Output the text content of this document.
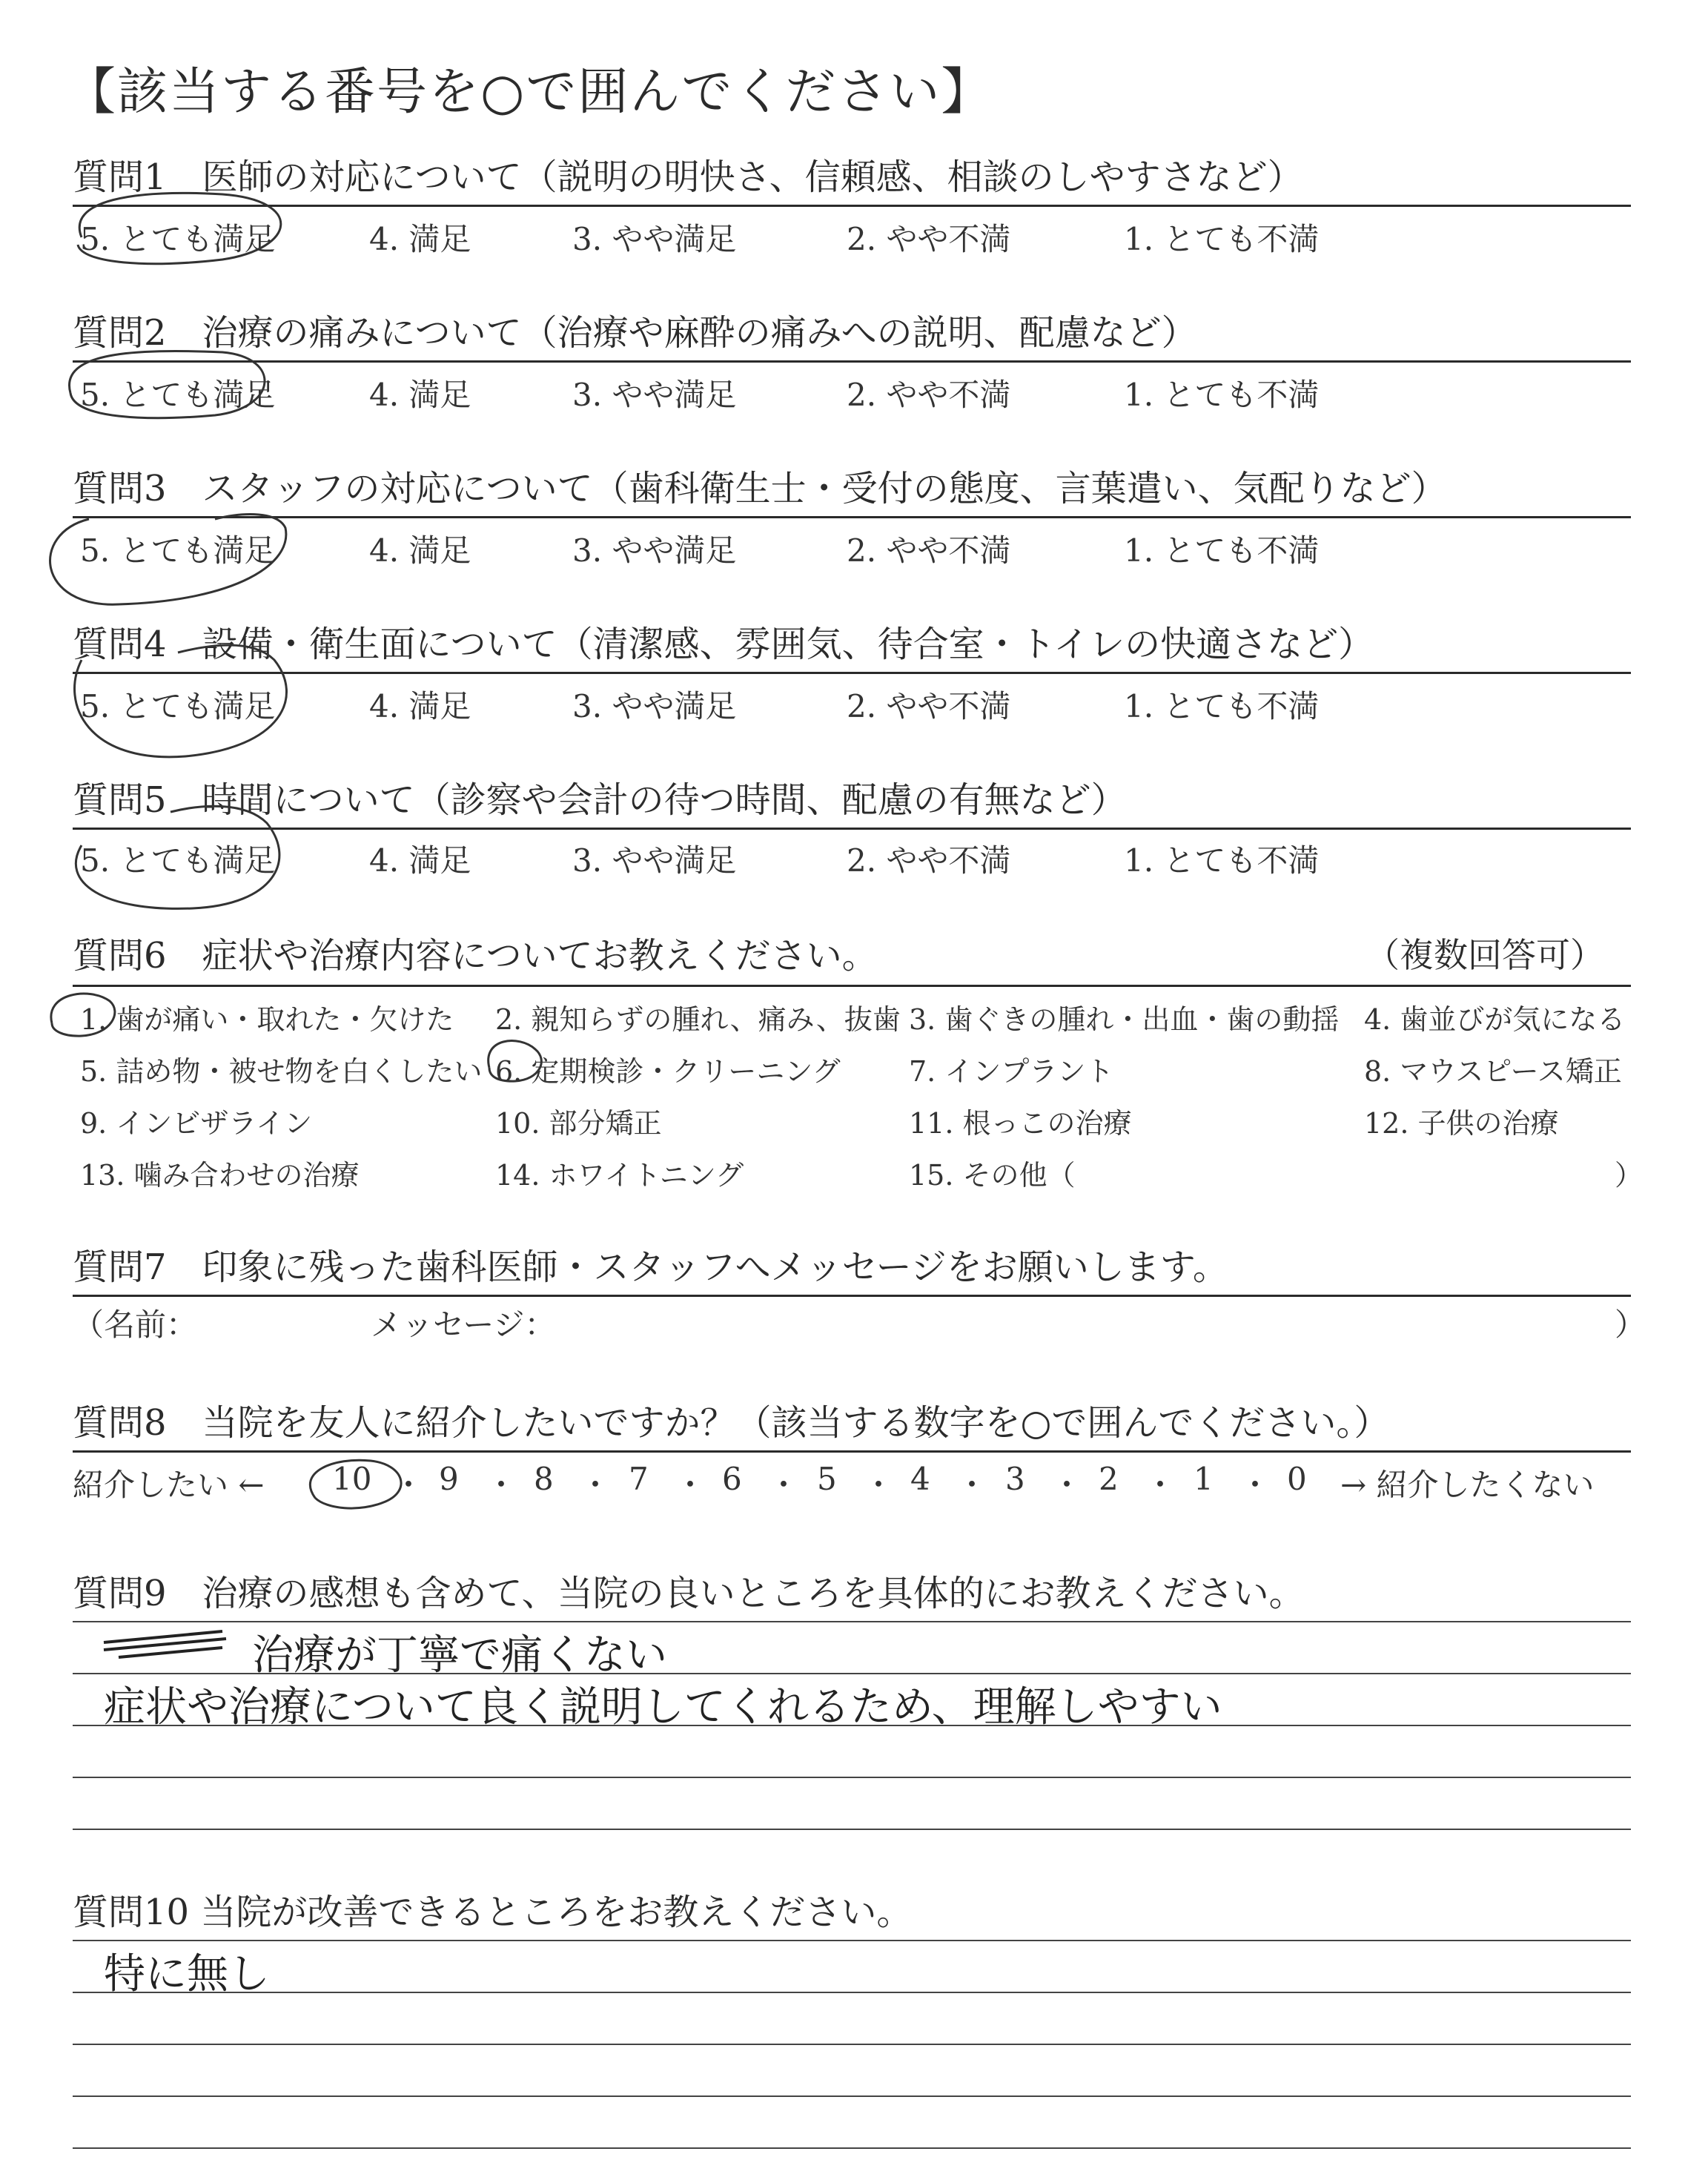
【該当する番号を○で囲んでください】
質問1　医師の対応について（説明の明快さ、信頼感、相談のしやすさなど）
5. とても満足	4. 満足	3. やや満足	2. やや不満	1. とても不満
質問2　治療の痛みについて（治療や麻酔の痛みへの説明、配慮など）
5. とても満足	4. 満足	3. やや満足	2. やや不満	1. とても不満
質問3　スタッフの対応について（歯科衛生士・受付の態度、言葉遣い、気配りなど）
5. とても満足	4. 満足	3. やや満足	2. やや不満	1. とても不満
質問4　設備・衛生面について（清潔感、雰囲気、待合室・トイレの快適さなど）
5. とても満足	4. 満足	3. やや満足	2. やや不満	1. とても不満
質問5　時間について（診察や会計の待つ時間、配慮の有無など）
5. とても満足	4. 満足	3. やや満足	2. やや不満	1. とても不満
質問6　症状や治療内容についてお教えください。	（複数回答可）
1. 歯が痛い・取れた・欠けた 2. 親知らずの腫れ、痛み、抜歯 3. 歯ぐきの腫れ・出血・歯の動揺 4. 歯並びが気になる
5. 詰め物・被せ物を白くしたい 6. 定期検診・クリーニング 7. インプラント	8. マウスピース矯正
9. インビザライン	10. 部分矯正	11. 根っこの治療	12. 子供の治療
13. 噛み合わせの治療	14. ホワイトニング	15. その他（	）
質問7　印象に残った歯科医師・スタッフへメッセージをお願いします。
（名前：	メッセージ：	）
質問8　当院を友人に紹介したいですか？（該当する数字を○で囲んでください。）
紹介したい ← 10 ・ 9 ・ 8 ・ 7 ・ 6 ・ 5 ・ 4 ・ 3 ・ 2 ・ 1 ・ 0 → 紹介したくない
質問9　治療の感想も含めて、当院の良いところを具体的にお教えください。
治療が丁寧で痛くない
症状や治療について良く説明してくれるため、理解しやすい
質問10 当院が改善できるところをお教えください。
特に無し
